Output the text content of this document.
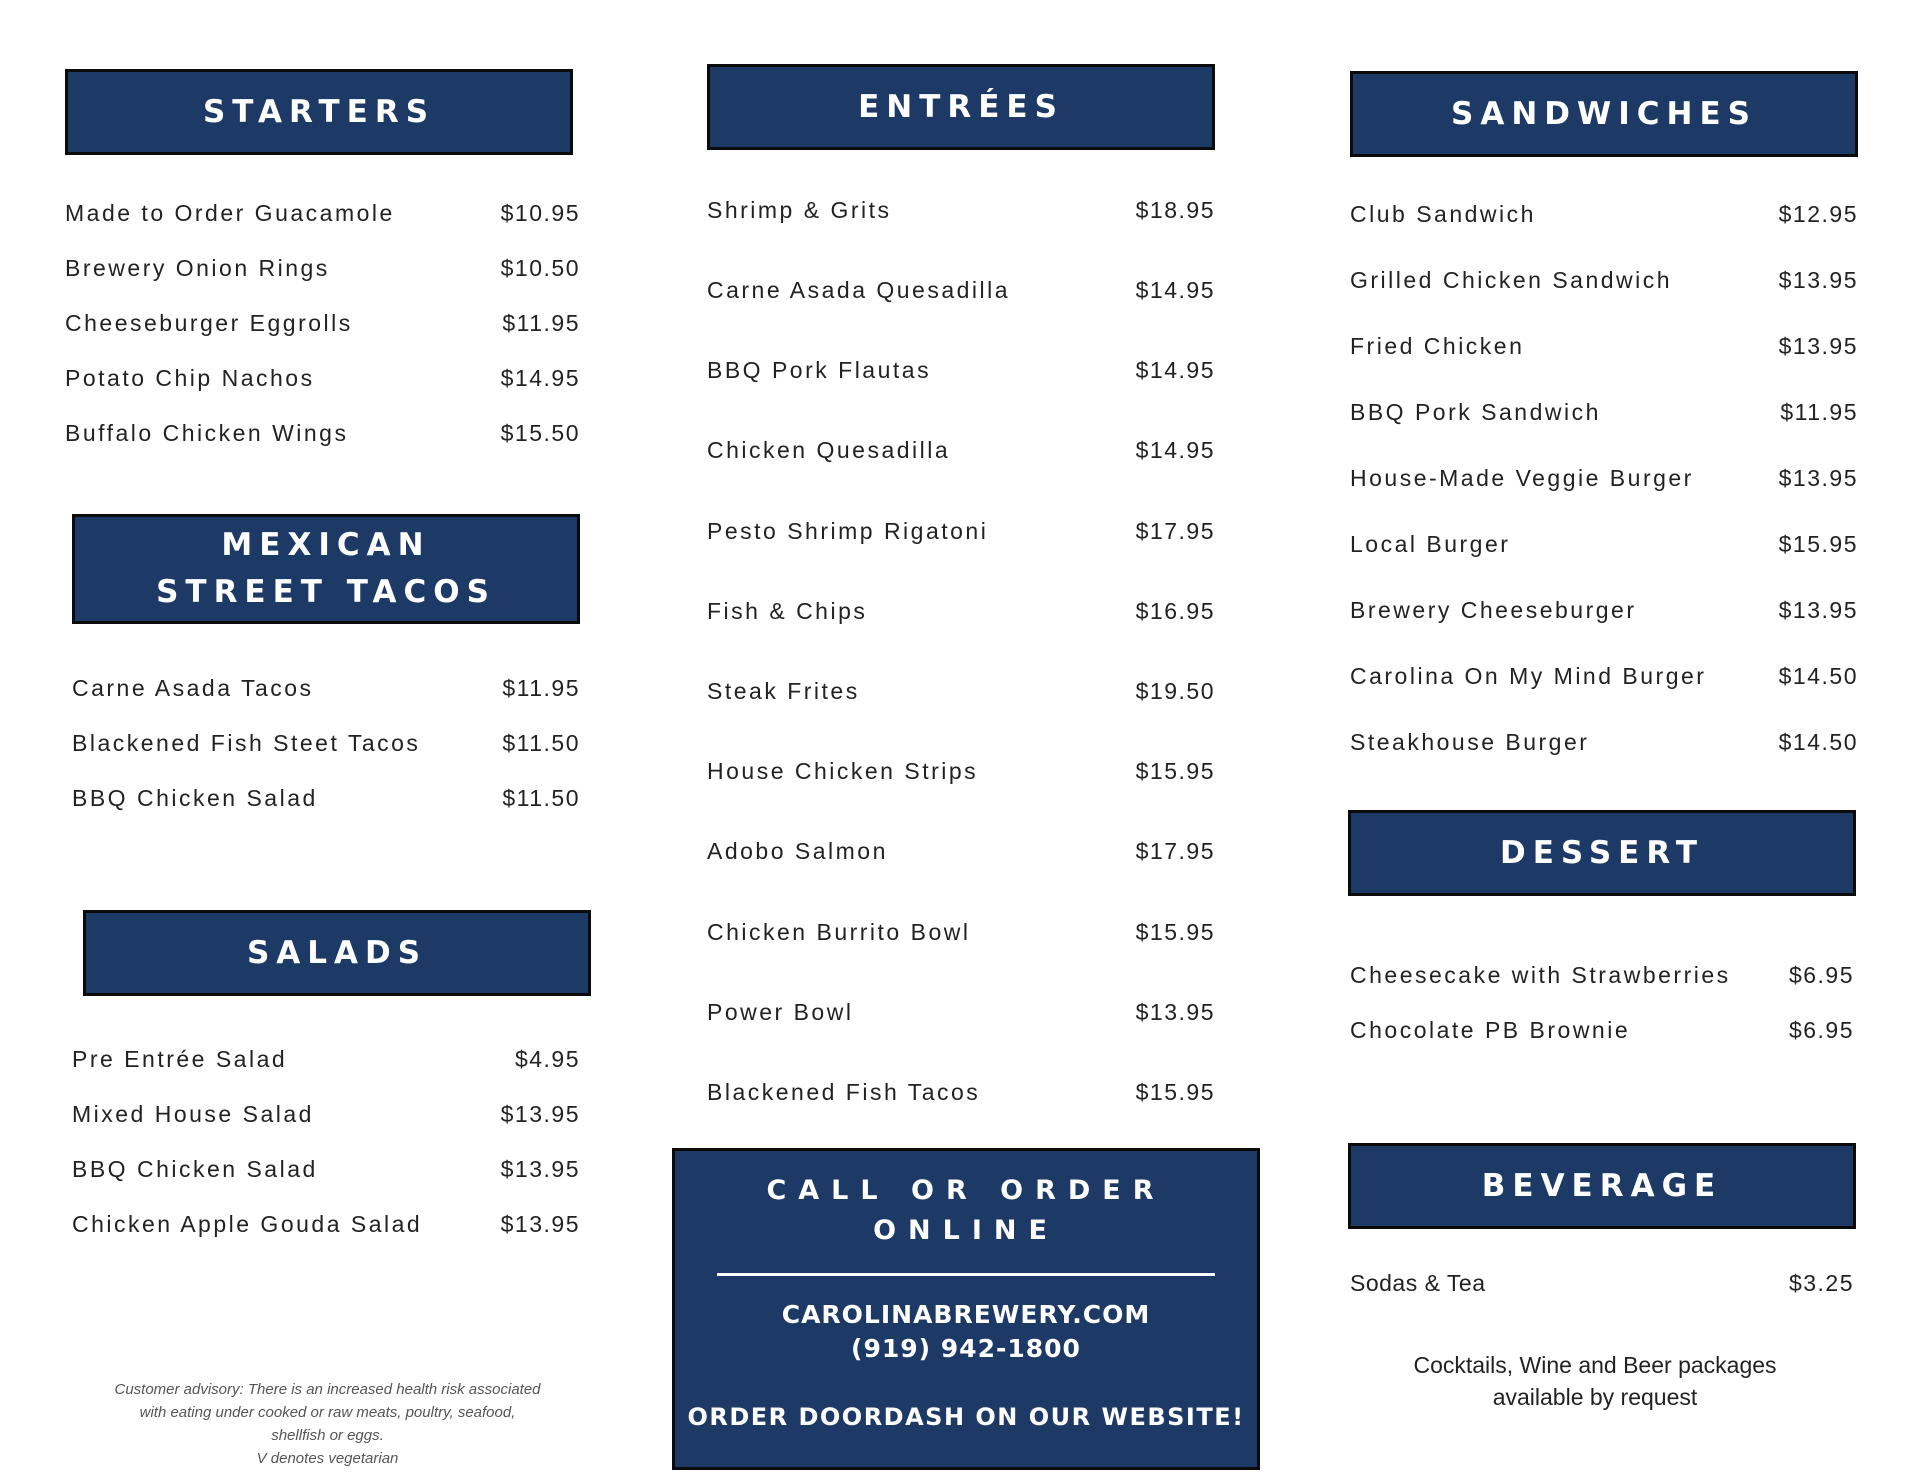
STARTERS
Made to Order Guacamole	$10.95
Brewery Onion Rings	$10.50
Cheeseburger Eggrolls	$11.95
Potato Chip Nachos	$14.95
Buffalo Chicken Wings	$15.50
MEXICAN
STREET TACOS
Carne Asada Tacos	$11.95
Blackened Fish Steet Tacos	$11.50
BBQ Chicken Salad	$11.50
SALADS
Pre Entrée Salad	$4.95
Mixed House Salad	$13.95
BBQ Chicken Salad	$13.95
Chicken Apple Gouda Salad	$13.95
Customer advisory: There is an increased health risk associated
with eating under cooked or raw meats, poultry, seafood,
shellfish or eggs.
V denotes vegetarian
ENTRÉES
Shrimp & Grits	$18.95
Carne Asada Quesadilla	$14.95
BBQ Pork Flautas	$14.95
Chicken Quesadilla	$14.95
Pesto Shrimp Rigatoni	$17.95
Fish & Chips	$16.95
Steak Frites	$19.50
House Chicken Strips	$15.95
Adobo Salmon	$17.95
Chicken Burrito Bowl	$15.95
Power Bowl	$13.95
Blackened Fish Tacos	$15.95
CALL OR ORDER
ONLINE
CAROLINABREWERY.COM
(919) 942-1800
ORDER DOORDASH ON OUR WEBSITE!
SANDWICHES
Club Sandwich	$12.95
Grilled Chicken Sandwich	$13.95
Fried Chicken	$13.95
BBQ Pork Sandwich	$11.95
House-Made Veggie Burger	$13.95
Local Burger	$15.95
Brewery Cheeseburger	$13.95
Carolina On My Mind Burger	$14.50
Steakhouse Burger	$14.50
DESSERT
Cheesecake with Strawberries	$6.95
Chocolate PB Brownie	$6.95
BEVERAGE
Sodas & Tea	$3.25
Cocktails, Wine and Beer packages
available by request
